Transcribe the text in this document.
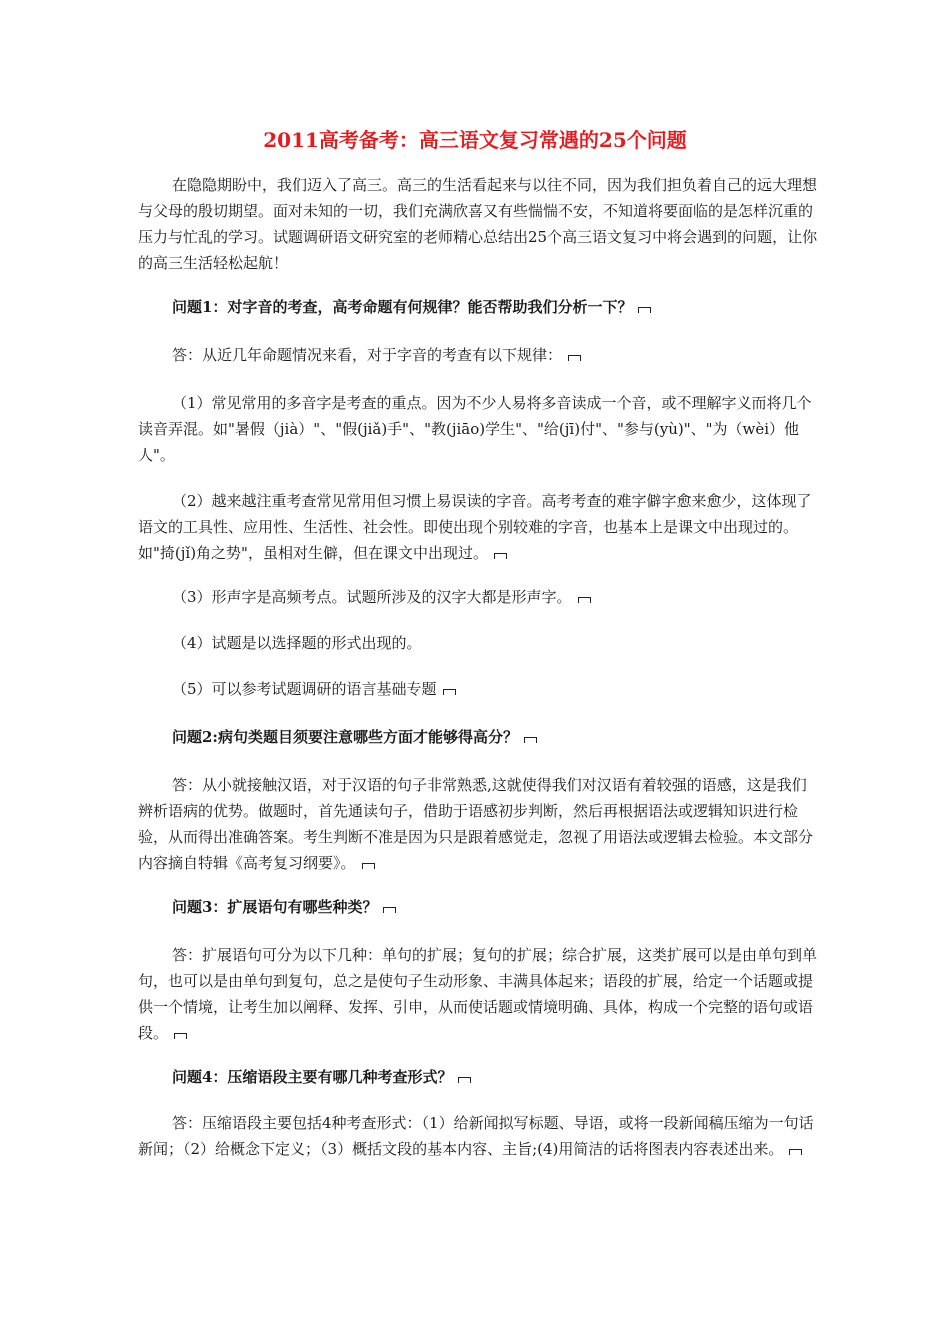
2011高考备考：高三语文复习常遇的25个问题
在隐隐期盼中，我们迈入了高三。高三的生活看起来与以往不同，因为我们担负着自己的远大理想与父母的殷切期望。面对未知的一切，我们充满欣喜又有些惴惴不安，不知道将要面临的是怎样沉重的压力与忙乱的学习。试题调研语文研究室的老师精心总结出25个高三语文复习中将会遇到的问题，让你的高三生活轻松起航！
问题1：对字音的考查，高考命题有何规律？能否帮助我们分析一下？
答：从近几年命题情况来看，对于字音的考查有以下规律：
（1）常见常用的多音字是考查的重点。因为不少人易将多音读成一个音，或不理解字义而将几个读音弄混。如"暑假（jià）"、"假(jiǎ)手"、"教(jiāo)学生"、"给(jī)付"、"参与(yù)"、"为（wèi）他人"。
（2）越来越注重考查常见常用但习惯上易误读的字音。高考考查的难字僻字愈来愈少，这体现了语文的工具性、应用性、生活性、社会性。即使出现个别较难的字音，也基本上是课文中出现过的。如"掎(jǐ)角之势"，虽相对生僻，但在课文中出现过。
（3）形声字是高频考点。试题所涉及的汉字大都是形声字。
（4）试题是以选择题的形式出现的。
（5）可以参考试题调研的语言基础专题
问题2:病句类题目须要注意哪些方面才能够得高分？
答：从小就接触汉语，对于汉语的句子非常熟悉,这就使得我们对汉语有着较强的语感，这是我们辨析语病的优势。做题时，首先通读句子，借助于语感初步判断，然后再根据语法或逻辑知识进行检验，从而得出准确答案。考生判断不准是因为只是跟着感觉走，忽视了用语法或逻辑去检验。本文部分内容摘自特辑《高考复习纲要》。
问题3：扩展语句有哪些种类？
答：扩展语句可分为以下几种：单句的扩展；复句的扩展；综合扩展，这类扩展可以是由单句到单句，也可以是由单句到复句，总之是使句子生动形象、丰满具体起来；语段的扩展，给定一个话题或提供一个情境，让考生加以阐释、发挥、引申，从而使话题或情境明确、具体，构成一个完整的语句或语段。
问题4：压缩语段主要有哪几种考查形式？
答：压缩语段主要包括4种考查形式：（1）给新闻拟写标题、导语，或将一段新闻稿压缩为一句话新闻；（2）给概念下定义；（3）概括文段的基本内容、主旨;(4)用简洁的话将图表内容表述出来。
